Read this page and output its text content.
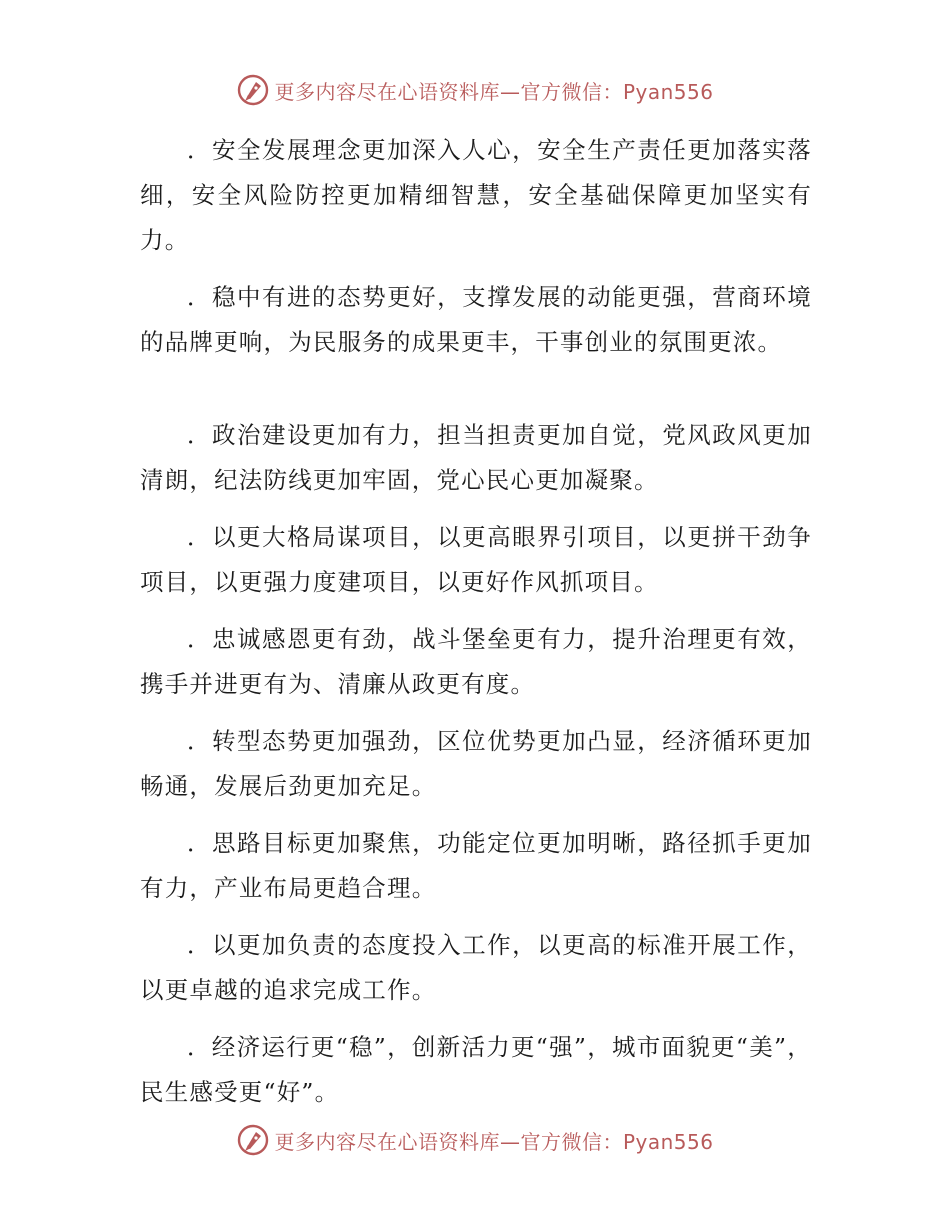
更多内容尽在心语资料库—官方微信：Pyan556

．安全发展理念更加深入人心，安全生产责任更加落实落细，安全风险防控更加精细智慧，安全基础保障更加坚实有力。

．稳中有进的态势更好，支撑发展的动能更强，营商环境的品牌更响，为民服务的成果更丰，干事创业的氛围更浓。

．政治建设更加有力，担当担责更加自觉，党风政风更加清朗，纪法防线更加牢固，党心民心更加凝聚。

．以更大格局谋项目，以更高眼界引项目，以更拼干劲争项目，以更强力度建项目，以更好作风抓项目。

．忠诚感恩更有劲，战斗堡垒更有力，提升治理更有效，携手并进更有为、清廉从政更有度。

．转型态势更加强劲，区位优势更加凸显，经济循环更加畅通，发展后劲更加充足。

．思路目标更加聚焦，功能定位更加明晰，路径抓手更加有力，产业布局更趋合理。

．以更加负责的态度投入工作，以更高的标准开展工作，以更卓越的追求完成工作。

．经济运行更“稳”，创新活力更“强”，城市面貌更“美”，民生感受更“好”。

更多内容尽在心语资料库—官方微信：Pyan556
